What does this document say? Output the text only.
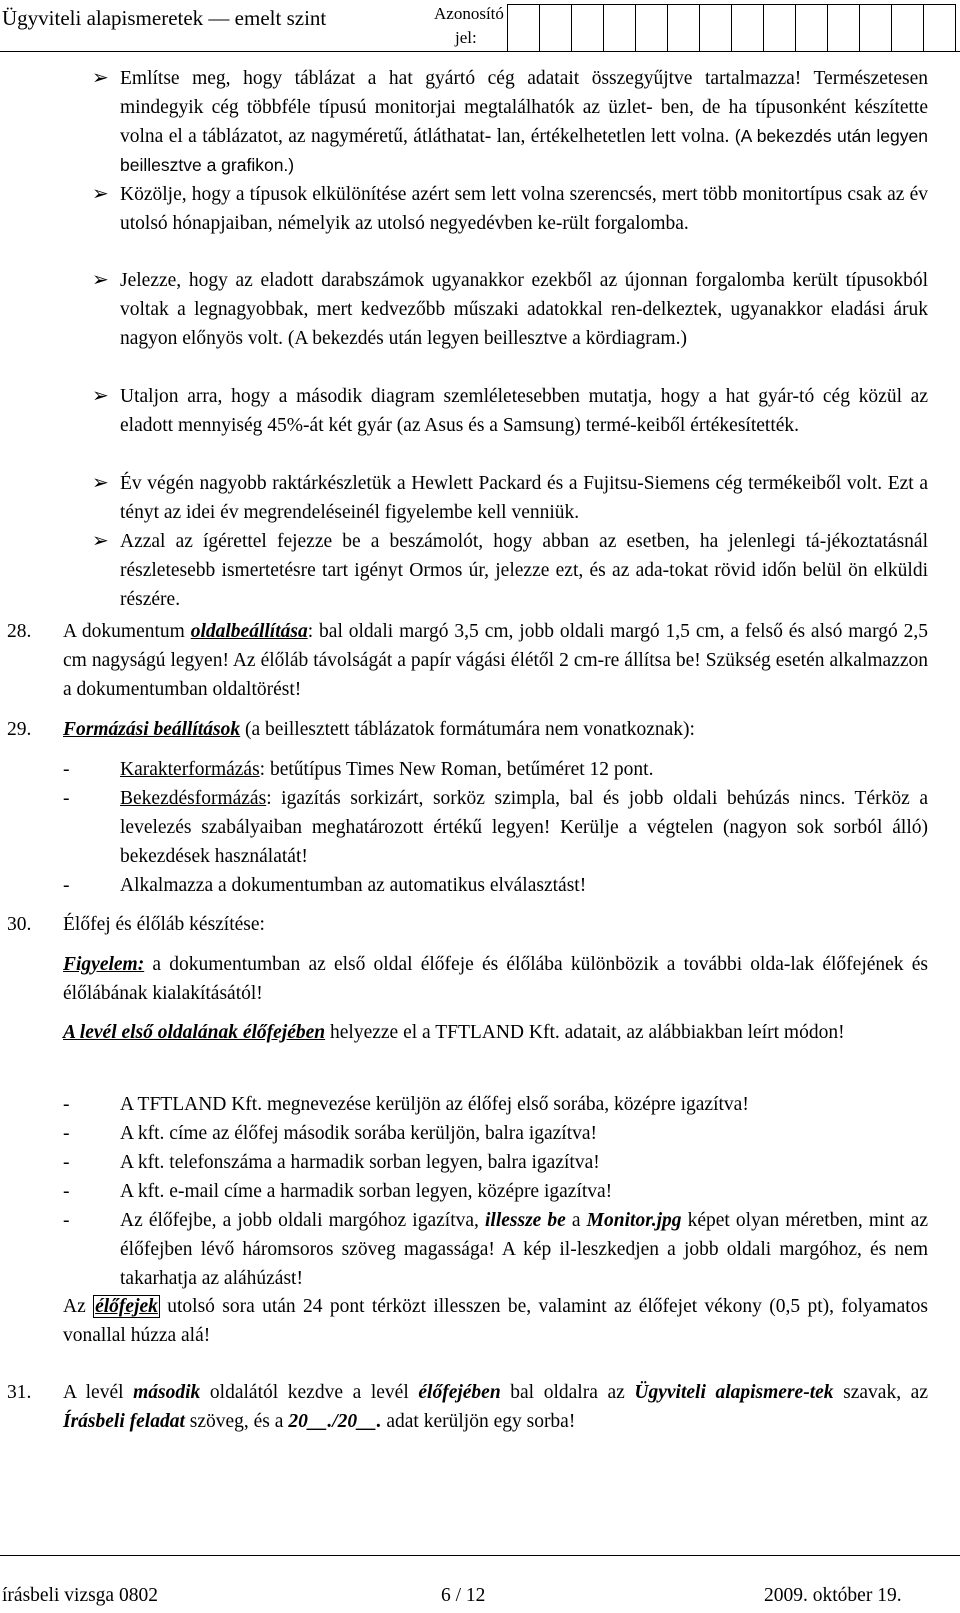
Ügyviteli alapismeretek — emelt szint	Azonosító
jel:
➢ Említse meg, hogy táblázat a hat gyártó cég adatait összegyűjtve tartalmazza! Természetesen mindegyik cég többféle típusú monitorjai megtalálhatók az üzlet- ben, de ha típusonként készítette volna el a táblázatot, az nagyméretű, átláthatat- lan, értékelhetetlen lett volna. (A bekezdés után legyen beillesztve a grafikon.)
➢ Közölje, hogy a típusok elkülönítése azért sem lett volna szerencsés, mert több monitortípus csak az év utolsó hónapjaiban, némelyik az utolsó negyedévben ke-rült forgalomba.
➢ Jelezze, hogy az eladott darabszámok ugyanakkor ezekből az újonnan forgalomba került típusokból voltak a legnagyobbak, mert kedvezőbb műszaki adatokkal ren-delkeztek, ugyanakkor eladási áruk nagyon előnyös volt. (A bekezdés után legyen beillesztve a kördiagram.)
➢ Utaljon arra, hogy a második diagram szemléletesebben mutatja, hogy a hat gyár-tó cég közül az eladott mennyiség 45%-át két gyár (az Asus és a Samsung) termé-keiből értékesítették.
➢ Év végén nagyobb raktárkészletük a Hewlett Packard és a Fujitsu-Siemens cég termékeiből volt. Ezt a tényt az idei év megrendeléseinél figyelembe kell venniük.
➢ Azzal az ígérettel fejezze be a beszámolót, hogy abban az esetben, ha jelenlegi tá-jékoztatásnál részletesebb ismertetésre tart igényt Ormos úr, jelezze ezt, és az ada-tokat rövid időn belül ön elküldi részére.
28. A dokumentum oldalbeállítása: bal oldali margó 3,5 cm, jobb oldali margó 1,5 cm, a felső és alsó margó 2,5 cm nagyságú legyen! Az élőláb távolságát a papír vágási élétől 2 cm-re állítsa be! Szükség esetén alkalmazzon a dokumentumban oldaltörést!
29. Formázási beállítások (a beillesztett táblázatok formátumára nem vonatkoznak):
-	Karakterformázás: betűtípus Times New Roman, betűméret 12 pont.
-	Bekezdésformázás: igazítás sorkizárt, sorköz szimpla, bal és jobb oldali behúzás nincs. Térköz a levelezés szabályaiban meghatározott értékű legyen! Kerülje a végtelen (nagyon sok sorból álló) bekezdések használatát!
-	Alkalmazza a dokumentumban az automatikus elválasztást!
30. Élőfej és élőláb készítése:
Figyelem: a dokumentumban az első oldal élőfeje és élőlába különbözik a további olda-lak élőfejének és élőlábának kialakításától!
A levél első oldalának élőfejében helyezze el a TFTLAND Kft. adatait, az alábbiakban leírt módon!
-	A TFTLAND Kft. megnevezése kerüljön az élőfej első sorába, középre igazítva!
-	A kft. címe az élőfej második sorába kerüljön, balra igazítva!
-	A kft. telefonszáma a harmadik sorban legyen, balra igazítva!
-	A kft. e-mail címe a harmadik sorban legyen, középre igazítva!
-	Az élőfejbe, a jobb oldali margóhoz igazítva, illessze be a Monitor.jpg képet olyan méretben, mint az élőfejben lévő háromsoros szöveg magassága! A kép il-leszkedjen a jobb oldali margóhoz, és nem takarhatja az aláhúzást!
Az élőfejek utolsó sora után 24 pont térközt illesszen be, valamint az élőfejet vékony (0,5 pt), folyamatos vonallal húzza alá!
31. A levél második oldalától kezdve a levél élőfejében bal oldalra az Ügyviteli alapismere-tek szavak, az Írásbeli feladat szöveg, és a 20__./20__. adat kerüljön egy sorba!
írásbeli vizsga 0802	6 / 12	2009. október 19.
